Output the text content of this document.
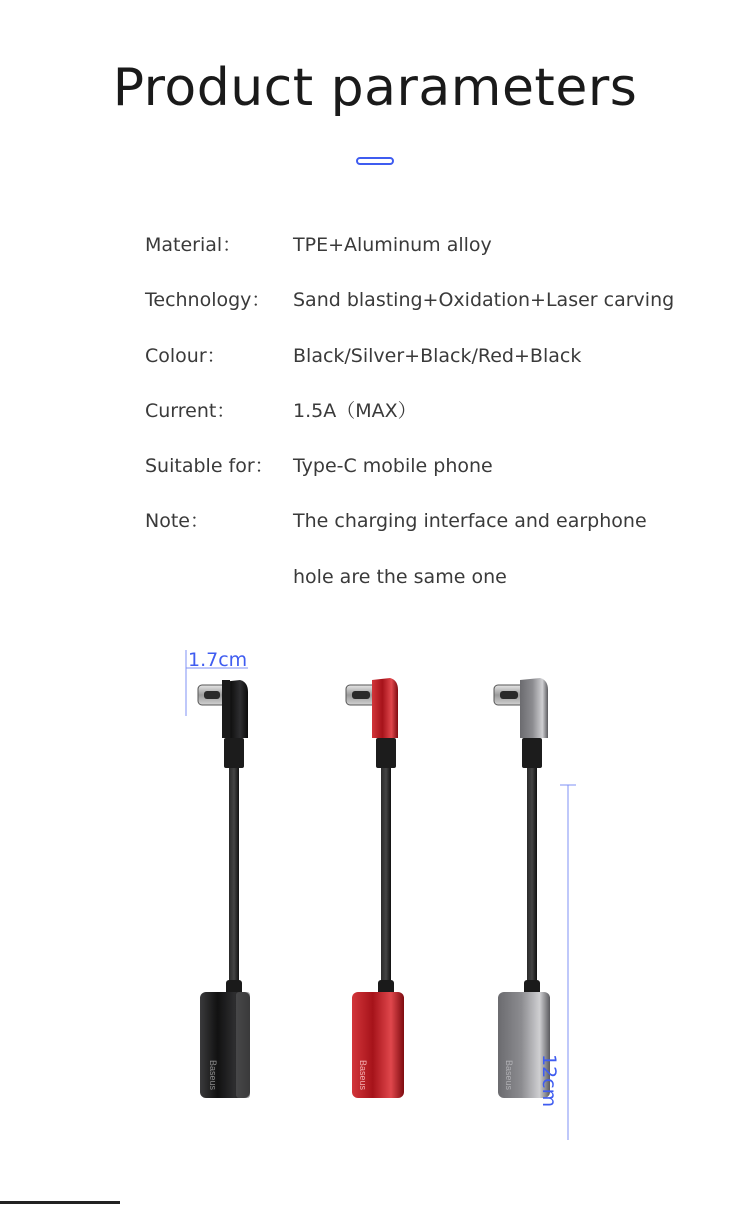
Product parameters
Material：	TPE+Aluminum alloy
Technology： Sand blasting+Oxidation+Laser carving
Colour：	Black/Silver+Black/Red+Black
Current：	1.5A（MAX）
Suitable for： Type-C mobile phone
Note：	The charging interface and earphone
hole are the same one
Baseus	Baseus	Baseus
1.7cm
12cm
